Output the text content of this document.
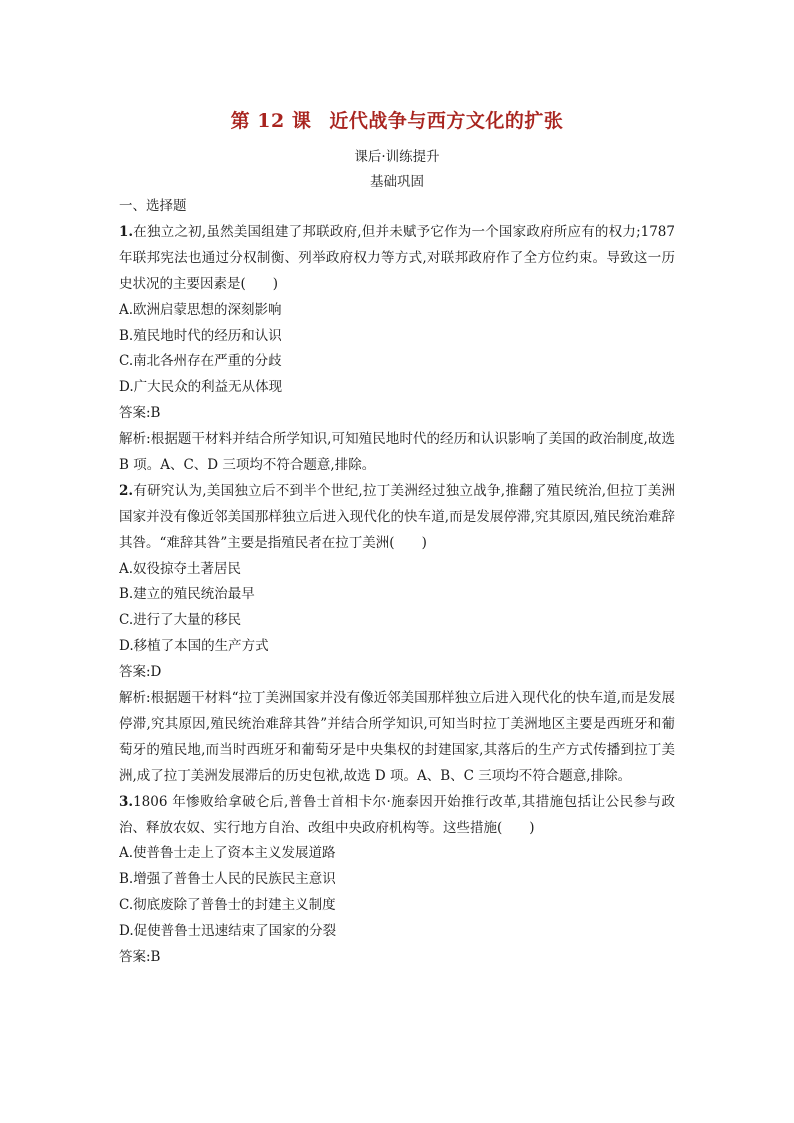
第 12 课 近代战争与西方文化的扩张
课后·训练提升
基础巩固
一、选择题
1.在独立之初,虽然美国组建了邦联政府,但并未赋予它作为一个国家政府所应有的权力;1787 年联邦宪法也通过分权制衡、列举政府权力等方式,对联邦政府作了全方位约束。导致这一历史状况的主要因素是(　　)
A.欧洲启蒙思想的深刻影响
B.殖民地时代的经历和认识
C.南北各州存在严重的分歧
D.广大民众的利益无从体现
答案:B
解析:根据题干材料并结合所学知识,可知殖民地时代的经历和认识影响了美国的政治制度,故选 B 项。A、C、D 三项均不符合题意,排除。
2.有研究认为,美国独立后不到半个世纪,拉丁美洲经过独立战争,推翻了殖民统治,但拉丁美洲国家并没有像近邻美国那样独立后进入现代化的快车道,而是发展停滞,究其原因,殖民统治难辞其咎。“难辞其咎”主要是指殖民者在拉丁美洲(　　)
A.奴役掠夺土著居民
B.建立的殖民统治最早
C.进行了大量的移民
D.移植了本国的生产方式
答案:D
解析:根据题干材料“拉丁美洲国家并没有像近邻美国那样独立后进入现代化的快车道,而是发展停滞,究其原因,殖民统治难辞其咎”并结合所学知识,可知当时拉丁美洲地区主要是西班牙和葡萄牙的殖民地,而当时西班牙和葡萄牙是中央集权的封建国家,其落后的生产方式传播到拉丁美洲,成了拉丁美洲发展滞后的历史包袱,故选 D 项。A、B、C 三项均不符合题意,排除。
3.1806 年惨败给拿破仑后,普鲁士首相卡尔·施泰因开始推行改革,其措施包括让公民参与政治、释放农奴、实行地方自治、改组中央政府机构等。这些措施(　　)
A.使普鲁士走上了资本主义发展道路
B.增强了普鲁士人民的民族民主意识
C.彻底废除了普鲁士的封建主义制度
D.促使普鲁士迅速结束了国家的分裂
答案:B
